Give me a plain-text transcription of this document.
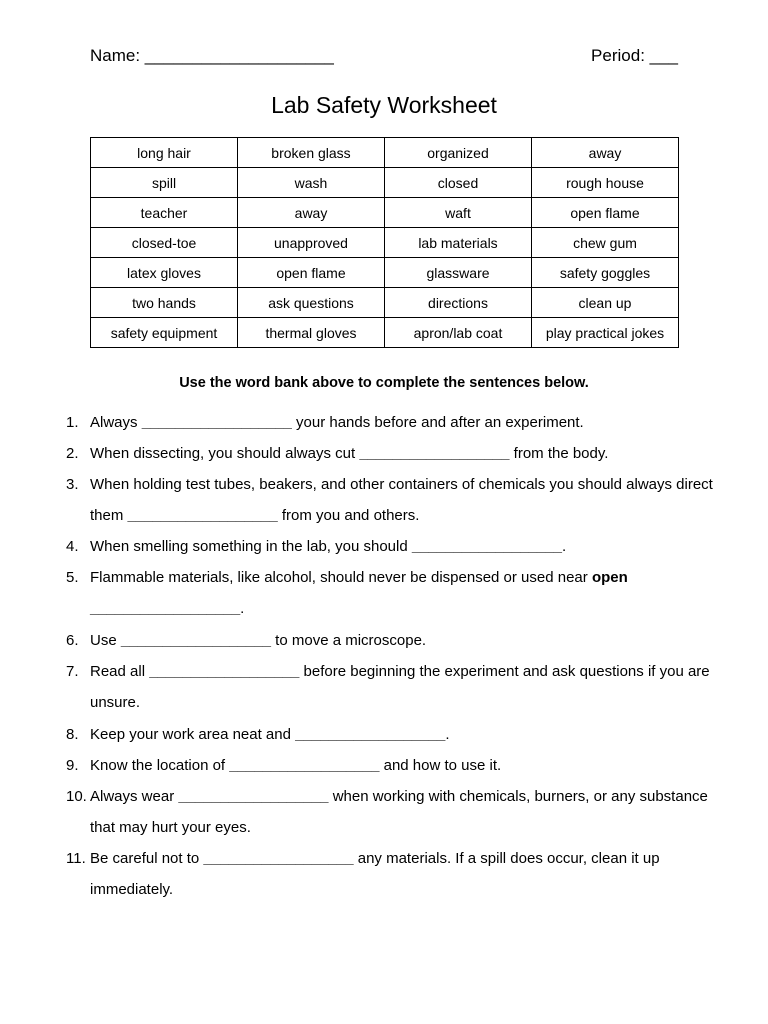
Name: ____________________	Period: ___
Lab Safety Worksheet
long hair	broken glass	organized	away
spill	wash	closed	rough house
teacher	away	waft	open flame
closed-toe	unapproved	lab materials	chew gum
latex gloves	open flame	glassware	safety goggles
two hands	ask questions	directions	clean up
safety equipment	thermal gloves	apron/lab coat	play practical jokes
Use the word bank above to complete the sentences below.
1. Always __________________ your hands before and after an experiment.
2. When dissecting, you should always cut __________________ from the body.
3. When holding test tubes, beakers, and other containers of chemicals you should always direct
them __________________ from you and others.
4. When smelling something in the lab, you should __________________.
5. Flammable materials, like alcohol, should never be dispensed or used near open
__________________.
6. Use __________________ to move a microscope.
7. Read all __________________ before beginning the experiment and ask questions if you are
unsure.
8. Keep your work area neat and __________________.
9. Know the location of __________________ and how to use it.
10. Always wear __________________ when working with chemicals, burners, or any substance
that may hurt your eyes.
11. Be careful not to __________________ any materials. If a spill does occur, clean it up
immediately.
